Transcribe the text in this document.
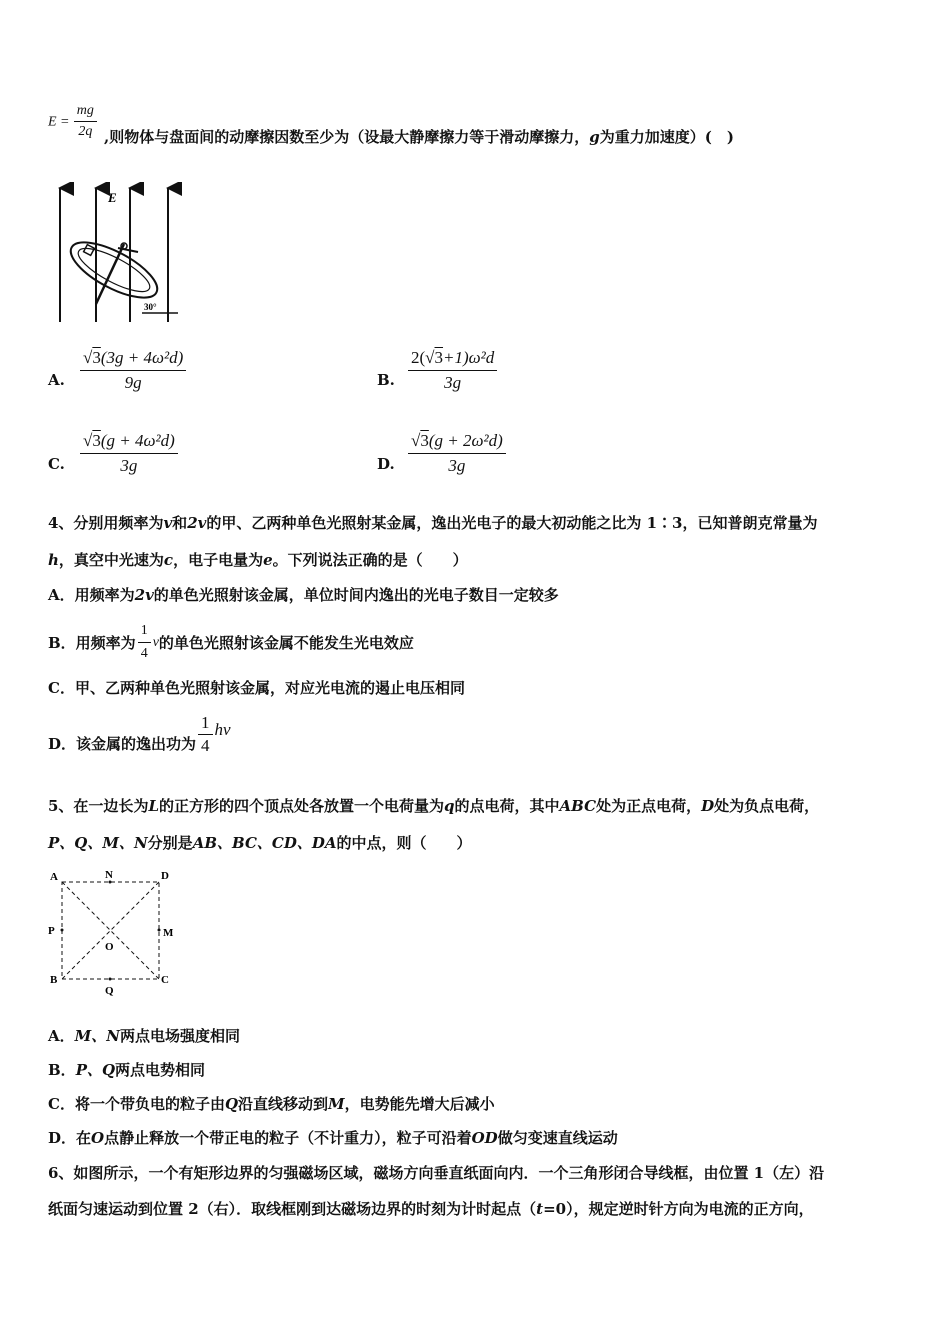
$E = \frac{mg}{2q}$ ,则物体与盘面间的动摩擦因数至少为（设最大静摩擦力等于滑动摩擦力，g为重力加速度）(　)
E
30°
A. $\frac{\text{√3(3g + 4ω²d)}}{9g}$	B. $\frac{\text{2(√3+1)ω²d}}{3g}$
C. $\frac{\text{√3(g + 4ω²d)}}{3g}$	D. $\frac{\text{√3(g + 2ω²d)}}{3g}$
4、分别用频率为v和2v的甲、乙两种单色光照射某金属，逸出光电子的最大初动能之比为 1∶3，已知普朗克常量为
h，真空中光速为c，电子电量为e。下列说法正确的是（　　）
A．用频率为2v的单色光照射该金属，单位时间内逸出的光电子数目一定较多
B．用频率为 $\frac{1}{4}$ ν 的单色光照射该金属不能发生光电效应
C．甲、乙两种单色光照射该金属，对应光电流的遏止电压相同
D．该金属的逸出功为 $\frac{1}{4}$ hν
5、在一边长为L的正方形的四个顶点处各放置一个电荷量为q的点电荷，其中ABC处为正点电荷，D处为负点电荷，
P、Q、M、N分别是AB、BC、CD、DA的中点，则（　　）
A	D
B	C
N
Q
P	M
O
A．M、N两点电场强度相同
B．P、Q两点电势相同
C．将一个带负电的粒子由Q沿直线移动到M，电势能先增大后减小
D．在O点静止释放一个带正电的粒子（不计重力），粒子可沿着OD做匀变速直线运动
6、如图所示，一个有矩形边界的匀强磁场区域，磁场方向垂直纸面向内．一个三角形闭合导线框，由位置 1（左）沿
纸面匀速运动到位置 2（右）．取线框刚到达磁场边界的时刻为计时起点（t=0），规定逆时针方向为电流的正方向，
